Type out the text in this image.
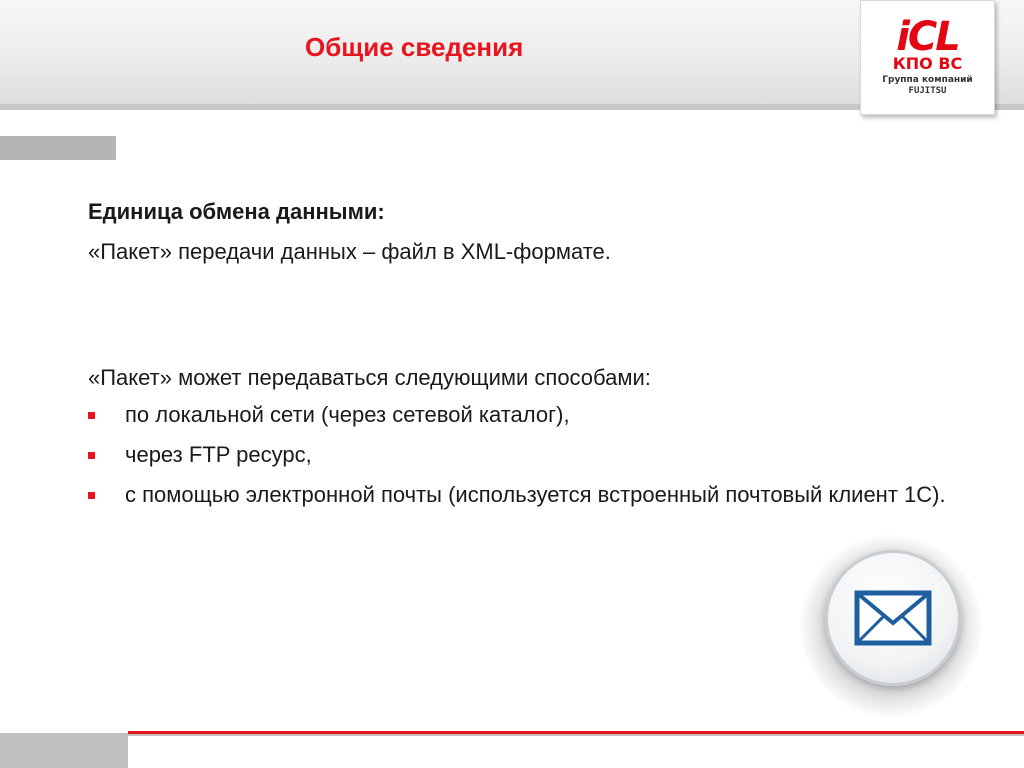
Общие сведения	iCL
КПО ВС
Группа компаний
FUJITSU
Единица обмена данными:
«Пакет» передачи данных – файл в XML-формате.
«Пакет» может передаваться следующими способами:
по локальной сети (через сетевой каталог),
через FTP ресурс,
с помощью электронной почты (используется встроенный почтовый клиент 1С).
